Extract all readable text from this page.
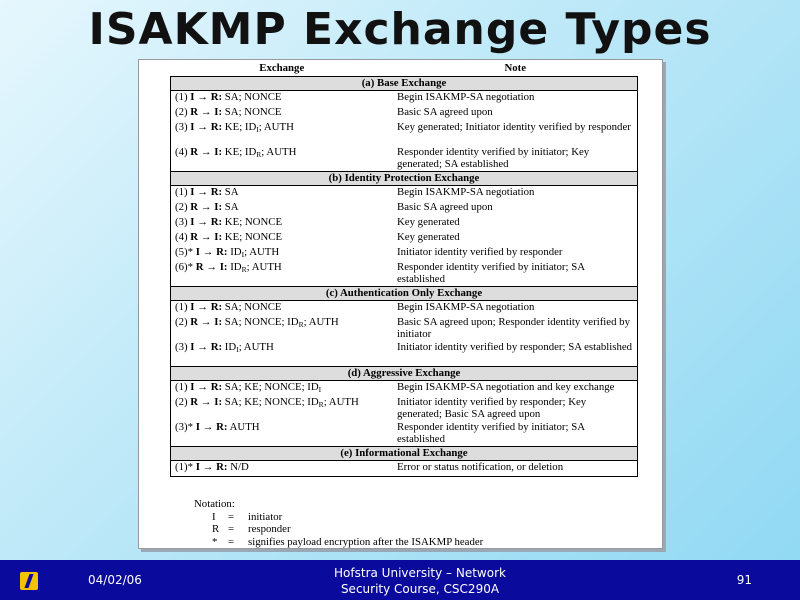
ISAKMP Exchange Types
Exchange	Note
(a) Base Exchange	
(1) I → R: SA; NONCE	Begin ISAKMP-SA negotiation
(2) R → I: SA; NONCE	Basic SA agreed upon
(3) I → R: KE; $ID_I$; AUTH	Key generated; Initiator identity verified by responder
(4) R → I: KE; $ID_R$; AUTH	Responder identity verified by initiator; Key generated; SA established
(b) Identity Protection Exchange	
(1) I → R: SA	Begin ISAKMP-SA negotiation
(2) R → I: SA	Basic SA agreed upon
(3) I → R: KE; NONCE	Key generated
(4) R → I: KE; NONCE	Key generated
(5)* I → R: $ID_I$; AUTH	Initiator identity verified by responder
(6)* R → I: $ID_R$; AUTH	Responder identity verified by initiator; SA established
(c) Authentication Only Exchange	
(1) I → R: SA; NONCE	Begin ISAKMP-SA negotiation
(2) R → I: SA; NONCE; $ID_R$; AUTH	Basic SA agreed upon; Responder identity verified by initiator
(3) I → R: $ID_I$; AUTH	Initiator identity verified by responder; SA established
(d) Aggressive Exchange	
(1) I → R: SA; KE; NONCE; $ID_I$	Begin ISAKMP-SA negotiation and key exchange
(2) R → I: SA; KE; NONCE; $ID_R$; AUTH	Initiator identity verified by responder; Key generated; Basic SA agreed upon
(3)* I → R: AUTH	Responder identity verified by initiator; SA established
(e) Informational Exchange	
(1)* I → R: N/D	Error or status notification, or deletion
Notation:
I	=	initiator
R =	responder
* =	signifies payload encryption after the ISAKMP header
04/02/06	Hofstra University – Network
Security Course, CSC290A
91
